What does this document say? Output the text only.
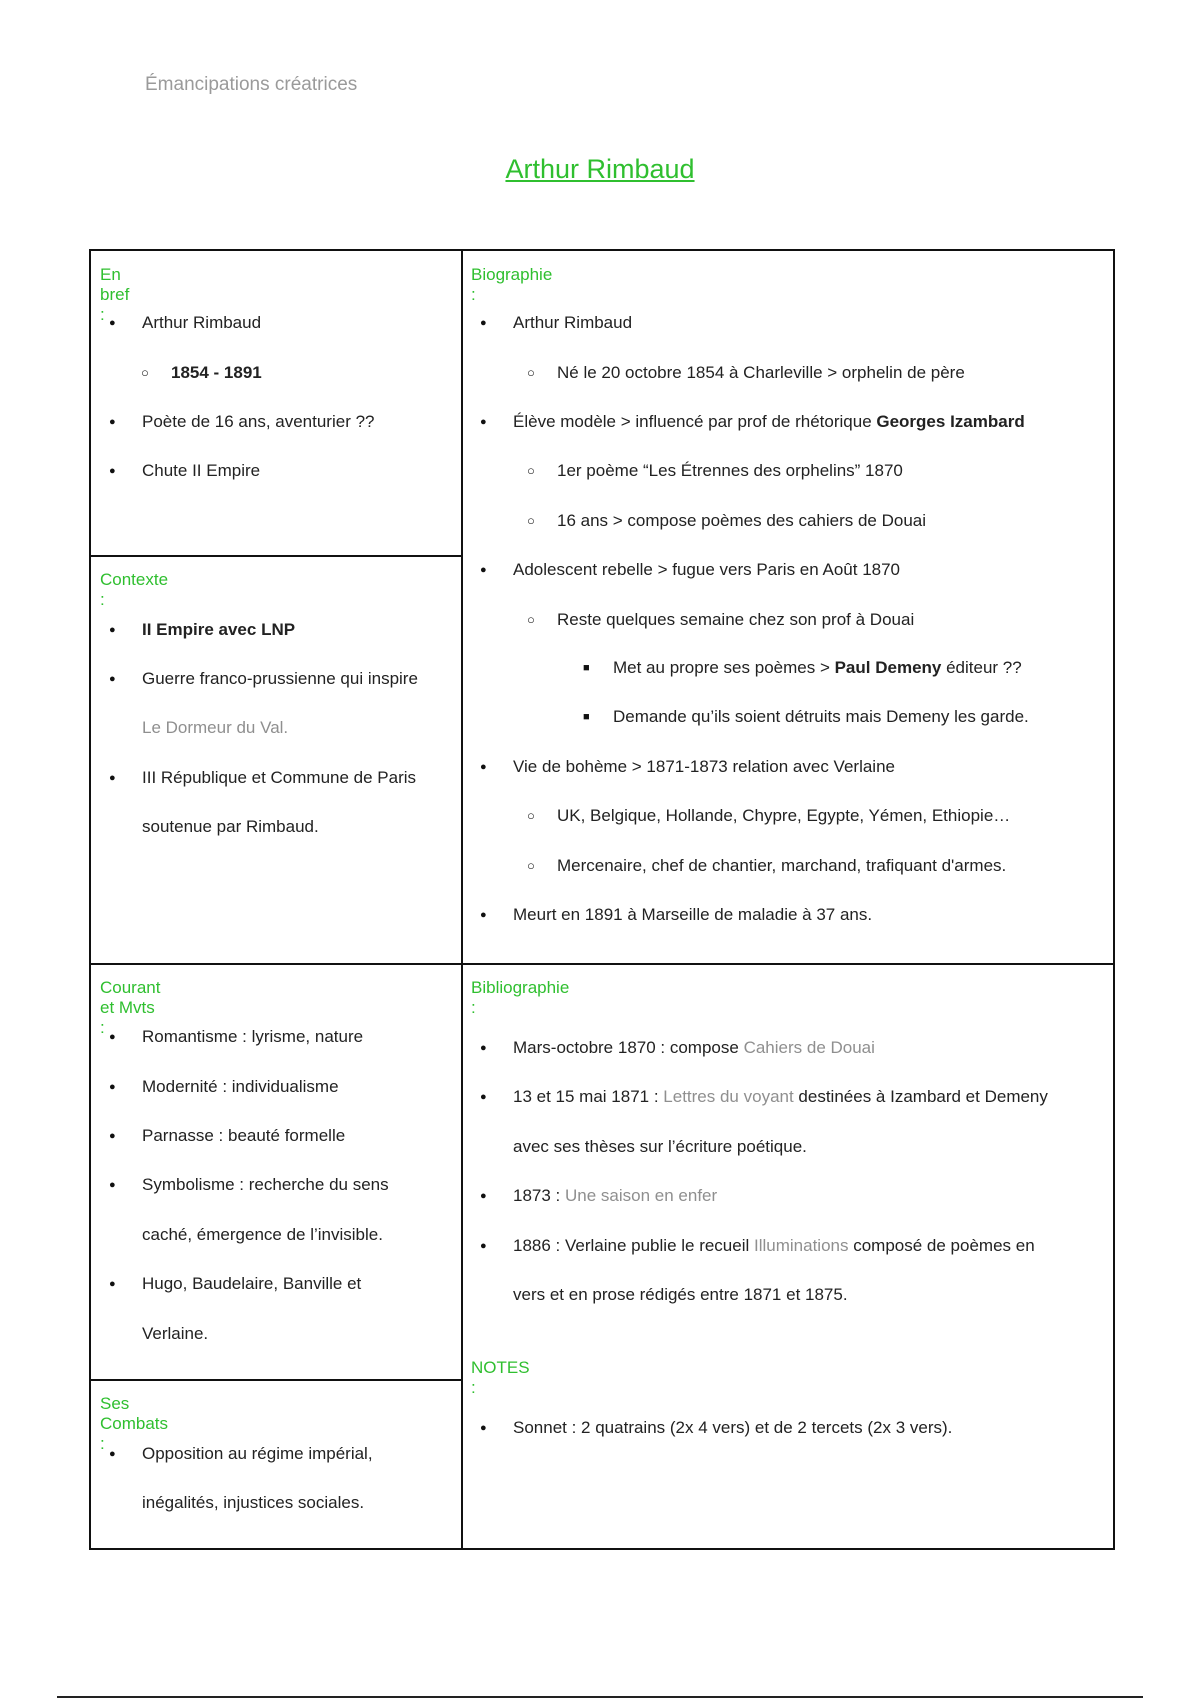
Émancipations créatrices
Arthur Rimbaud
En bref :	● Arthur Rimbaud
○ 1854 - 1891
● Poète de 16 ans, aventurier ??
● Chute II Empire
Contexte :
● II Empire avec LNP
● Guerre franco-prussienne qui inspire
Le Dormeur du Val.
● III République et Commune de Paris
soutenue par Rimbaud.
Courant et Mvts :	● Romantisme : lyrisme, nature
● Modernité : individualisme
● Parnasse : beauté formelle
● Symbolisme : recherche du sens
caché, émergence de l’invisible.
● Hugo, Baudelaire, Banville et
Verlaine.
Ses Combats :
● Opposition au régime impérial,
inégalités, injustices sociales.
Biographie :
● Arthur Rimbaud
○ Né le 20 octobre 1854 à Charleville > orphelin de père
● Élève modèle > influencé par prof de rhétorique Georges Izambard
○ 1er poème “Les Étrennes des orphelins” 1870
○ 16 ans > compose poèmes des cahiers de Douai
● Adolescent rebelle > fugue vers Paris en Août 1870
○ Reste quelques semaine chez son prof à Douai
■ Met au propre ses poèmes > Paul Demeny éditeur ??
■ Demande qu’ils soient détruits mais Demeny les garde.
● Vie de bohème > 1871-1873 relation avec Verlaine
○ UK, Belgique, Hollande, Chypre, Egypte, Yémen, Ethiopie…
○ Mercenaire, chef de chantier, marchand, trafiquant d'armes.
● Meurt en 1891 à Marseille de maladie à 37 ans.
Bibliographie :
● Mars-octobre 1870 : compose Cahiers de Douai
● 13 et 15 mai 1871 : Lettres du voyant destinées à Izambard et Demeny
avec ses thèses sur l’écriture poétique.
● 1873 : Une saison en enfer
● 1886 : Verlaine publie le recueil Illuminations composé de poèmes en
vers et en prose rédigés entre 1871 et 1875.
NOTES :
● Sonnet : 2 quatrains (2x 4 vers) et de 2 tercets (2x 3 vers).
